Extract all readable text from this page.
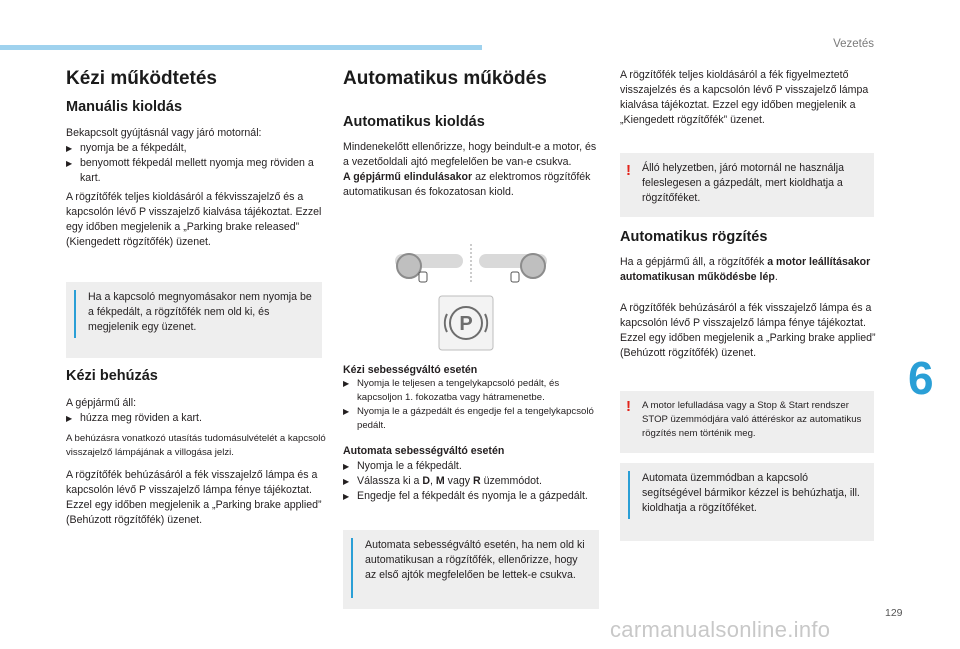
Vezetés
6
129
carmanualsonline.info
Kézi működtetés
Manuális kioldás

Bekapcsolt gyújtásnál vagy járó motornál:

▶ nyomja be a fékpedált,
▶ benyomott fékpedál mellett nyomja meg röviden a kart.

A rögzítőfék teljes kioldásáról a fékvisszajelző és a kapcsolón lévő P visszajelző kialvása tájékoztat. Ezzel egy időben megjelenik a „Parking brake released” (Kiengedett rögzítőfék) üzenet.

Ha a kapcsoló megnyomásakor nem nyomja be a fékpedált, a rögzítőfék nem old ki, és megjelenik egy üzenet.
Kézi behúzás

A gépjármű áll:

▶ húzza meg röviden a kart.

A behúzásra vonatkozó utasítás tudomásulvételét a kapcsoló visszajelző lámpájának a villogása jelzi.

A rögzítőfék behúzásáról a fék visszajelző lámpa és a kapcsolón lévő P visszajelző lámpa fénye tájékoztat. Ezzel egy időben megjelenik a „Parking brake applied” (Behúzott rögzítőfék) üzenet.

Automatikus működés
Automatikus kioldás

Mindenekelőtt ellenőrizze, hogy beindult-e a motor, és a vezetőoldali ajtó megfelelően be van-e csukva.

A gépjármű elindulásakor az elektromos rögzítőfék automatikusan és fokozatosan kiold.

P

Kézi sebességváltó esetén

▶ Nyomja le teljesen a tengelykapcsoló pedált, és kapcsoljon 1. fokozatba vagy hátramenetbe.
▶ Nyomja le a gázpedált és engedje fel a tengelykapcsoló pedált.

Automata sebességváltó esetén

▶ Nyomja le a fékpedált.
▶ Válassza ki a D, M vagy R üzemmódot.
▶ Engedje fel a fékpedált és nyomja le a gázpedált.
Automata sebességváltó esetén, ha nem old ki automatikusan a rögzítőfék, ellenőrizze, hogy az első ajtók megfelelően be lettek-e csukva.
A rögzítőfék teljes kioldásáról a fék figyelmeztető visszajelzés és a kapcsolón lévő P visszajelző lámpa kialvása tájékoztat. Ezzel egy időben megjelenik a „Kiengedett rögzítőfék” üzenet.
! Álló helyzetben, járó motornál ne használja feleslegesen a gázpedált, mert kioldhatja a rögzítőféket.
Automatikus rögzítés
Ha a gépjármű áll, a rögzítőfék a motor leállításakor automatikusan működésbe lép.
A rögzítőfék behúzásáról a fék visszajelző lámpa és a kapcsolón lévő P visszajelző lámpa fénye tájékoztat. Ezzel egy időben megjelenik a „Parking brake applied” (Behúzott rögzítőfék) üzenet.
! A motor lefulladása vagy a Stop & Start rendszer STOP üzemmódjára való áttéréskor az automatikus rögzítés nem történik meg.
Automata üzemmódban a kapcsoló segítségével bármikor kézzel is behúzhatja, ill. kioldhatja a rögzítőféket.
